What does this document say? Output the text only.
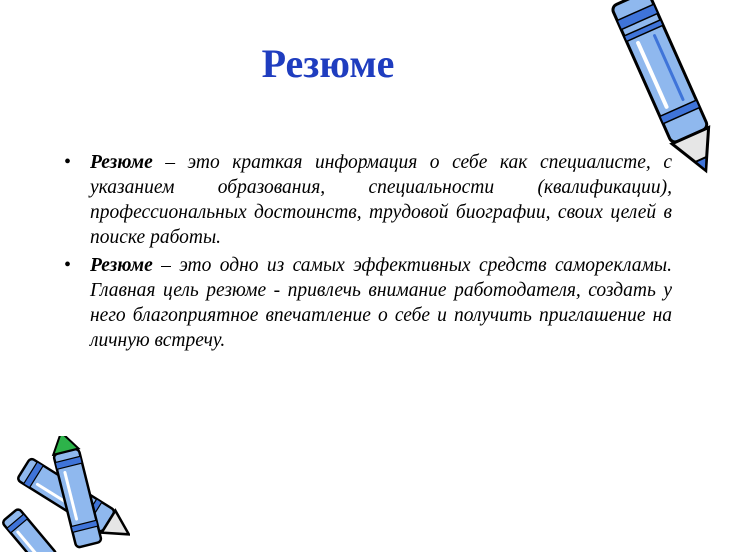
Резюме
• Резюме – это краткая информация о себе как специалисте, с указанием образования, специальности (квалификации), профессиональных достоинств, трудовой биографии, своих целей в поиске работы.
• Резюме – это одно из самых эффективных средств саморекламы. Главная цель резюме - привлечь внимание работодателя, создать у него благоприятное впечатление о себе и получить приглашение на личную встречу.
